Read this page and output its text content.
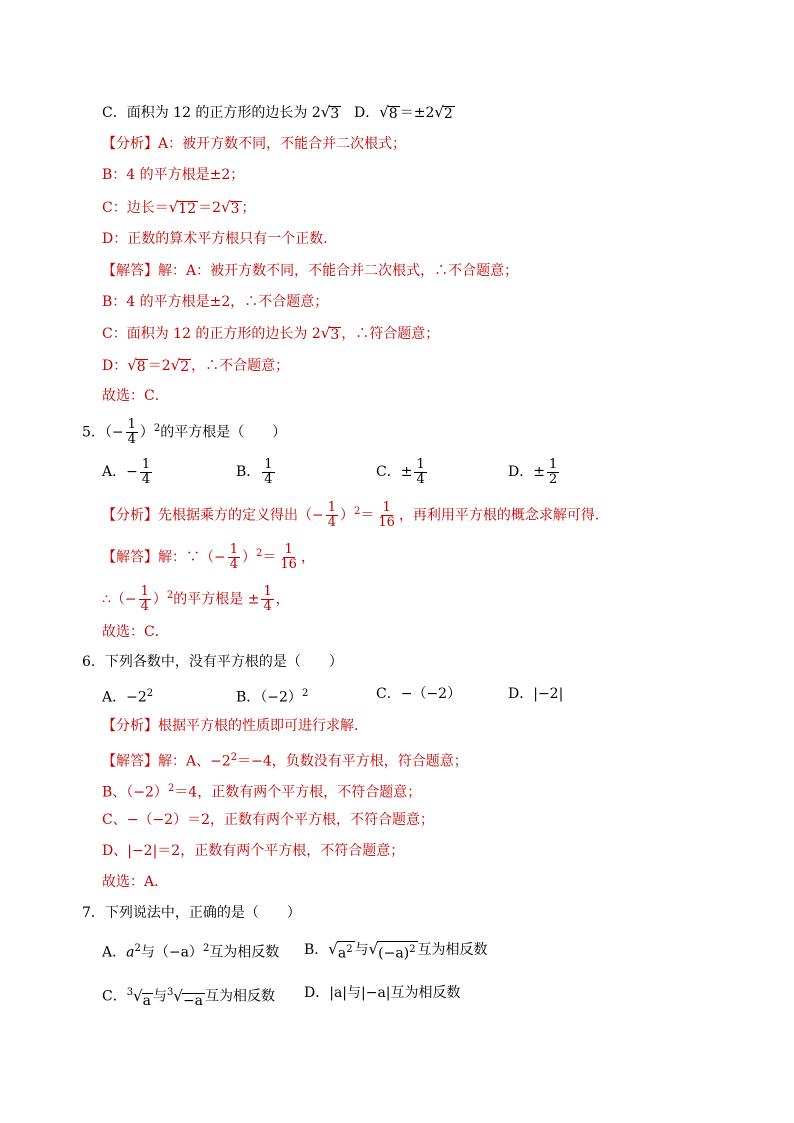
C．面积为 12 的正方形的边长为 2 √ 3 D． √ 8 ＝±2 √ 2
【分析】A：被开方数不同，不能合并二次根式；
B：4 的平方根是±2；
C：边长＝ √ 12 ＝2 √ 3 ；
D：正数的算术平方根只有一个正数．
【解答】解：A：被开方数不同，不能合并二次根式，∴不合题意；
B：4 的平方根是±2，∴不合题意；
C：面积为 12 的正方形的边长为 2 √ 3 ，∴符合题意；
D： √ 8 ＝2 √ 2 ，∴不合题意；
故选：C．
5．（− $\frac{1}{4} )^2$的平方根是（　　）
A．− $\frac{1}{4}$	B． $\frac{1}{4}$	C．± $\frac{1}{4}$	D．± $\frac{1}{2}$
【分析】先根据乘方的定义得出（− $\frac{1}{4} )^2= \frac{1}{16}$ ，再利用平方根的概念求解可得．
【解答】解：∵（− $\frac{1}{4} )^2= \frac{1}{16}$ ，
∴（− $\frac{1}{4} )^2$的平方根是 ± $\frac{1}{4}$ ，
故选：C．
6．下列各数中，没有平方根的是（　　）
A．$-2^2$	B．$(-2)^2$	C．−（−2）	D．|−2|
【分析】根据平方根的性质即可进行求解．
【解答】解：A、$-2^2=-4$，负数没有平方根，符合题意；
B、$(-2)^2=4$，正数有两个平方根，不符合题意；
C、−（−2）＝2，正数有两个平方根，不符合题意；
D、|−2|＝2，正数有两个平方根，不符合题意；
故选：A．
7．下列说法中，正确的是（　　）
A．$a^2$与$(-a)^2$互为相反数 B． √ $a^2$ 与 √ $(-a)^2$ 互为相反数
C．$^3$ √ a 与$^3$ √ −a 互为相反数 D．|a|与|−a|互为相反数
